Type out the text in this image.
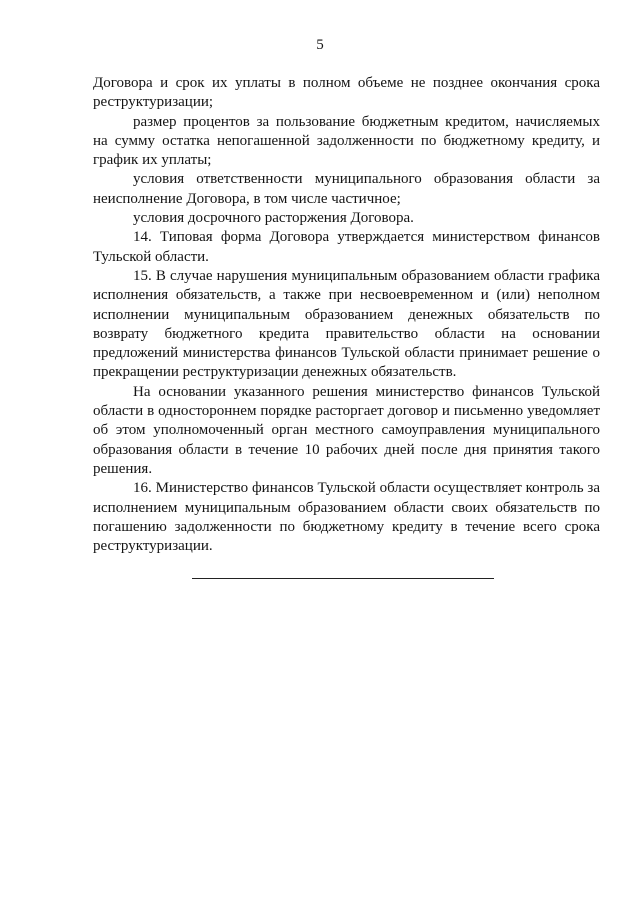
5

Договора и срок их уплаты в полном объеме не позднее окончания срока реструктуризации;

размер процентов за пользование бюджетным кредитом, начисляемых на сумму остатка непогашенной задолженности по бюджетному кредиту, и график их уплаты;

условия ответственности муниципального образования области за неисполнение Договора, в том числе частичное;

условия досрочного расторжения Договора.

14. Типовая форма Договора утверждается министерством финансов Тульской области.

15. В случае нарушения муниципальным образованием области графика исполнения обязательств, а также при несвоевременном и (или) неполном исполнении муниципальным образованием денежных обязательств по возврату бюджетного кредита правительство области на основании предложений министерства финансов Тульской области принимает решение о прекращении реструктуризации денежных обязательств.

На основании указанного решения министерство финансов Тульской области в одностороннем порядке расторгает договор и письменно уведомляет об этом уполномоченный орган местного самоуправления муниципального образования области в течение 10 рабочих дней после дня принятия такого решения.

16. Министерство финансов Тульской области осуществляет контроль за исполнением муниципальным образованием области своих обязательств по погашению задолженности по бюджетному кредиту в течение всего срока реструктуризации.
